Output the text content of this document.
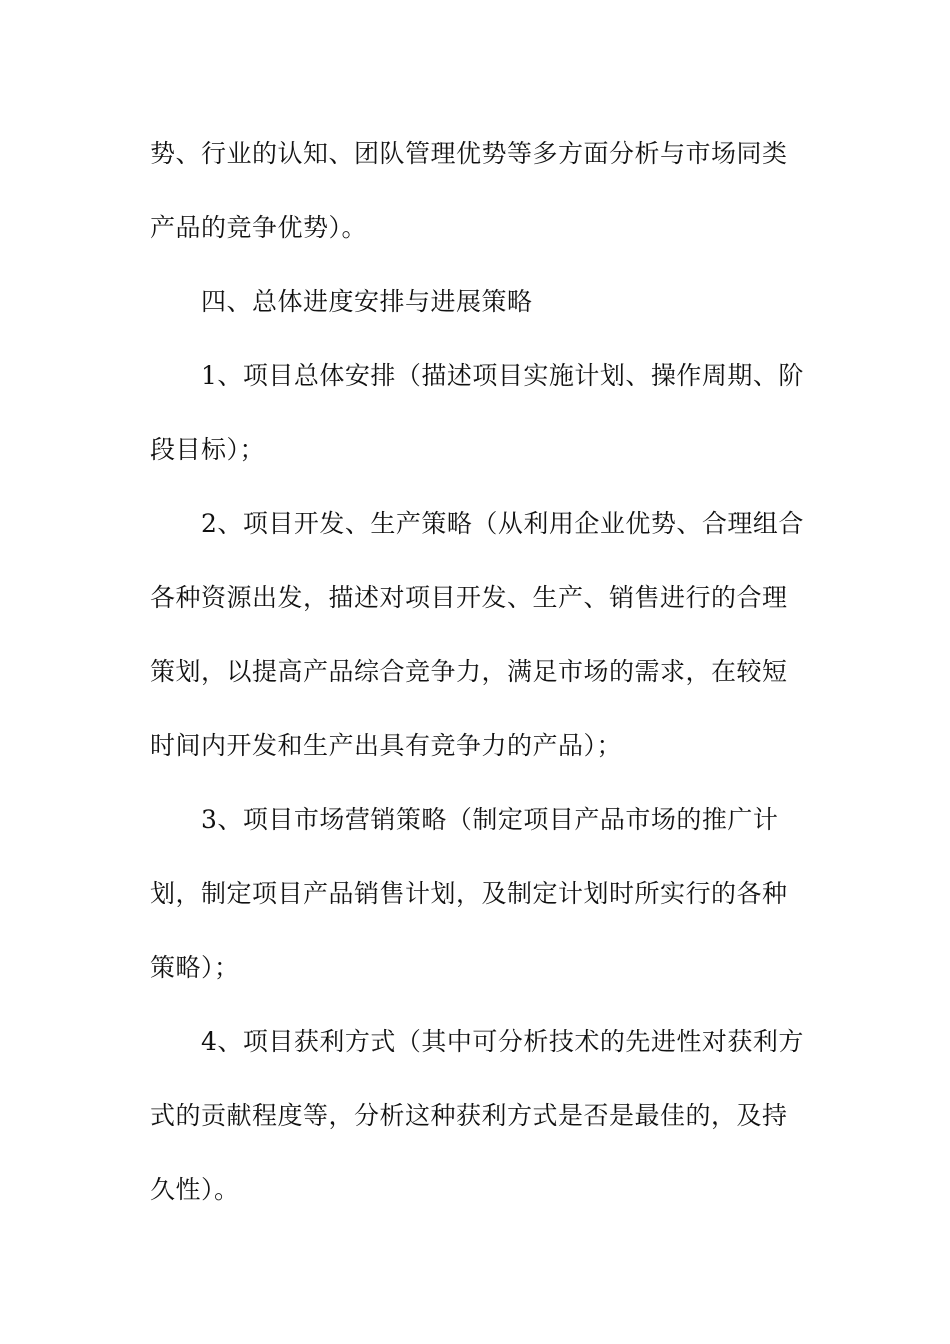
势、行业的认知、团队管理优势等多方面分析与市场同类
产品的竞争优势）。
四、总体进度安排与进展策略
1、项目总体安排（描述项目实施计划、操作周期、阶
段目标）；
2、项目开发、生产策略（从利用企业优势、合理组合
各种资源出发，描述对项目开发、生产、销售进行的合理
策划，以提高产品综合竞争力，满足市场的需求，在较短
时间内开发和生产出具有竞争力的产品）；
3、项目市场营销策略（制定项目产品市场的推广计
划，制定项目产品销售计划，及制定计划时所实行的各种
策略）；
4、项目获利方式（其中可分析技术的先进性对获利方
式的贡献程度等，分析这种获利方式是否是最佳的，及持
久性）。
